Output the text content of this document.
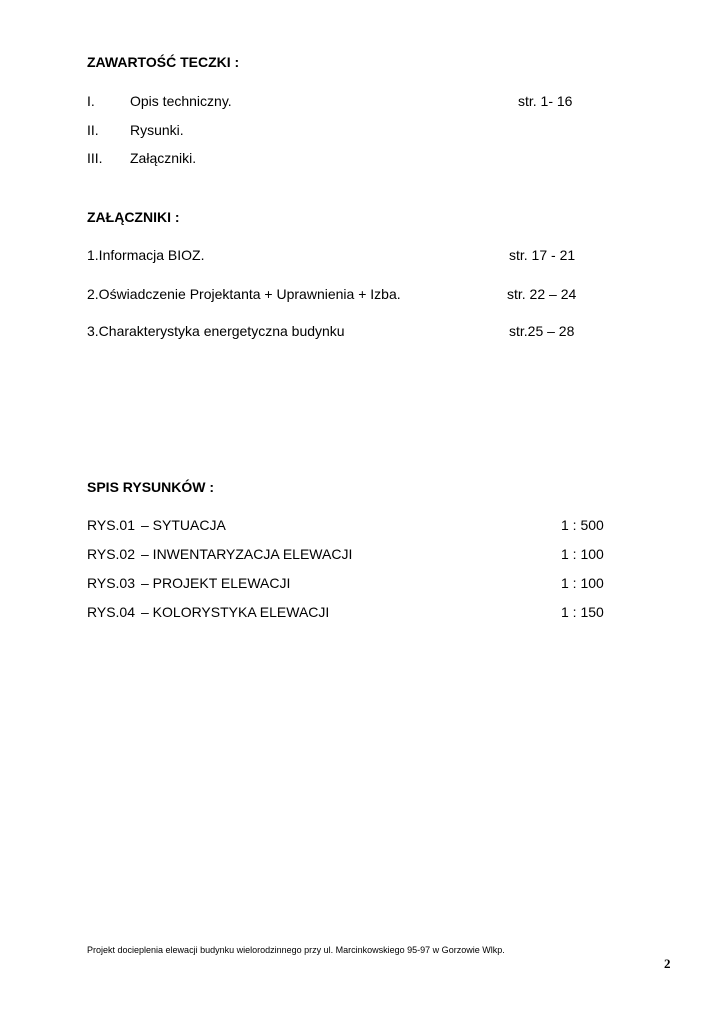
ZAWARTOŚĆ TECZKI :
I.	Opis techniczny.	str. 1- 16
II. Rysunki.
III. Załączniki.
ZAŁĄCZNIKI :
1.Informacja BIOZ.	str. 17 - 21
2.Oświadczenie Projektanta + Uprawnienia + Izba.	str. 22 – 24
3.Charakterystyka energetyczna budynku	str.25 – 28
SPIS RYSUNKÓW :
RYS.01 – SYTUACJA	1 : 500
RYS.02 – INWENTARYZACJA ELEWACJI	1 : 100
RYS.03 – PROJEKT ELEWACJI	1 : 100
RYS.04 – KOLORYSTYKA ELEWACJI	1 : 150
Projekt docieplenia elewacji budynku wielorodzinnego przy ul. Marcinkowskiego 95-97 w Gorzowie Wlkp.
2
